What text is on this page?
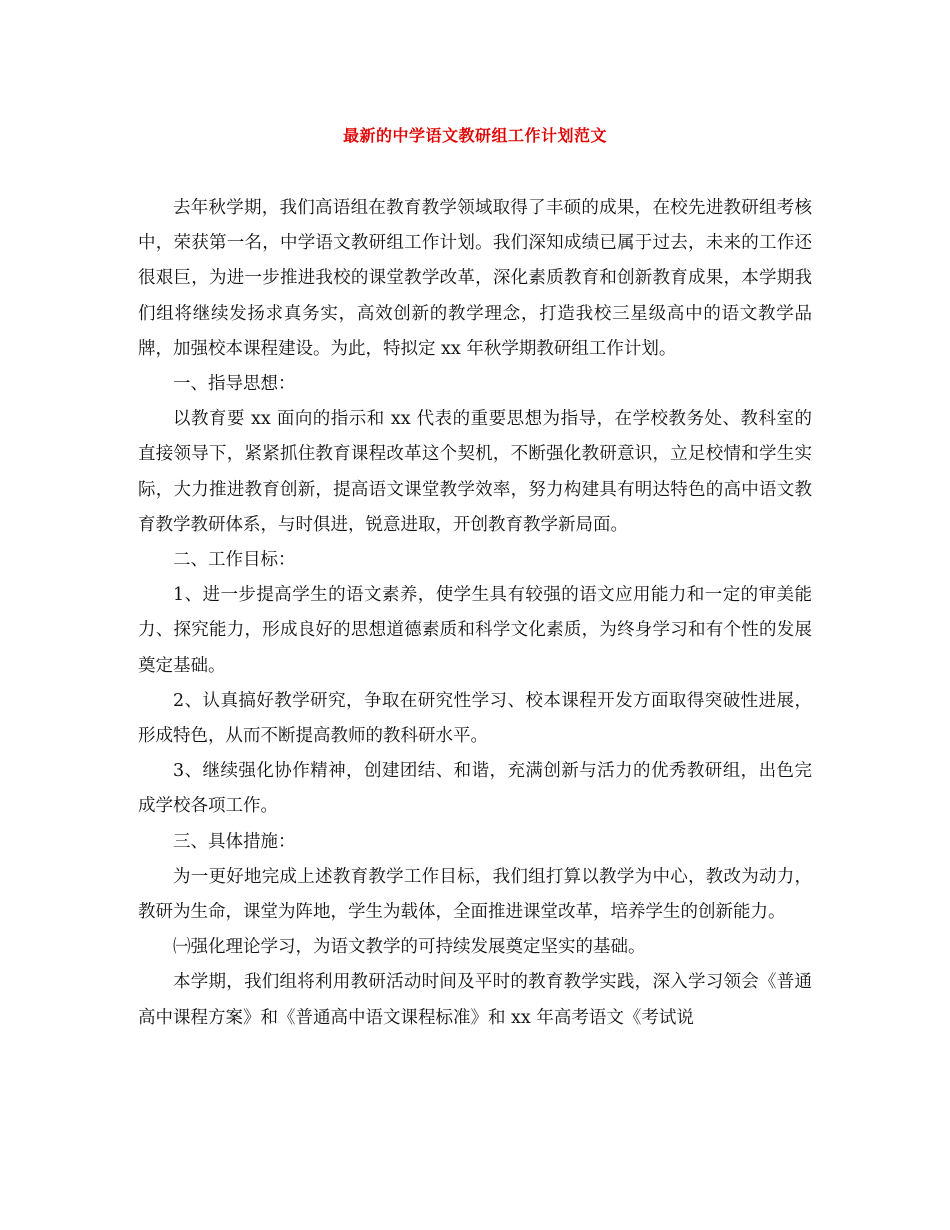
最新的中学语文教研组工作计划范文

去年秋学期，我们高语组在教育教学领域取得了丰硕的成果，在校先进教研组考核中，荣获第一名，中学语文教研组工作计划。我们深知成绩已属于过去，未来的工作还很艰巨，为进一步推进我校的课堂教学改革，深化素质教育和创新教育成果，本学期我们组将继续发扬求真务实，高效创新的教学理念，打造我校三星级高中的语文教学品牌，加强校本课程建设。为此，特拟定 xx 年秋学期教研组工作计划。

一、指导思想：

以教育要 xx 面向的指示和 xx 代表的重要思想为指导，在学校教务处、教科室的直接领导下，紧紧抓住教育课程改革这个契机，不断强化教研意识，立足校情和学生实际，大力推进教育创新，提高语文课堂教学效率，努力构建具有明达特色的高中语文教育教学教研体系，与时俱进，锐意进取，开创教育教学新局面。

二、工作目标：

1、进一步提高学生的语文素养，使学生具有较强的语文应用能力和一定的审美能力、探究能力，形成良好的思想道德素质和科学文化素质，为终身学习和有个性的发展奠定基础。

2、认真搞好教学研究，争取在研究性学习、校本课程开发方面取得突破性进展，形成特色，从而不断提高教师的教科研水平。

3、继续强化协作精神，创建团结、和谐，充满创新与活力的优秀教研组，出色完成学校各项工作。

三、具体措施：

为一更好地完成上述教育教学工作目标，我们组打算以教学为中心，教改为动力，教研为生命，课堂为阵地，学生为载体，全面推进课堂改革，培养学生的创新能力。

㈠强化理论学习，为语文教学的可持续发展奠定坚实的基础。

本学期，我们组将利用教研活动时间及平时的教育教学实践，深入学习领会《普通高中课程方案》和《普通高中语文课程标准》和 xx 年高考语文《考试说
